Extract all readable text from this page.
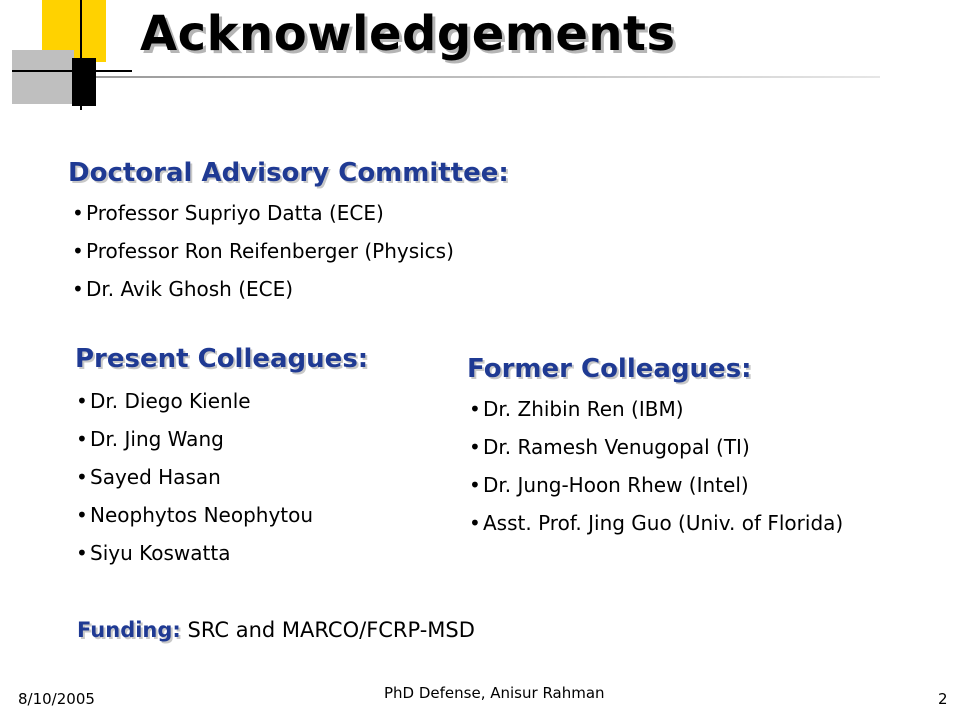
Acknowledgements
Doctoral Advisory Committee:
• Professor Supriyo Datta (ECE)
• Professor Ron Reifenberger (Physics)
• Dr. Avik Ghosh (ECE)
Present Colleagues:
• Dr. Diego Kienle
• Dr. Jing Wang
• Sayed Hasan
• Neophytos Neophytou
• Siyu Koswatta
Former Colleagues:
• Dr. Zhibin Ren (IBM)
• Dr. Ramesh Venugopal (TI)
• Dr. Jung-Hoon Rhew (Intel)
• Asst. Prof. Jing Guo (Univ. of Florida)
Funding: SRC and MARCO/FCRP-MSD
8/10/2005	PhD Defense, Anisur Rahman	2
